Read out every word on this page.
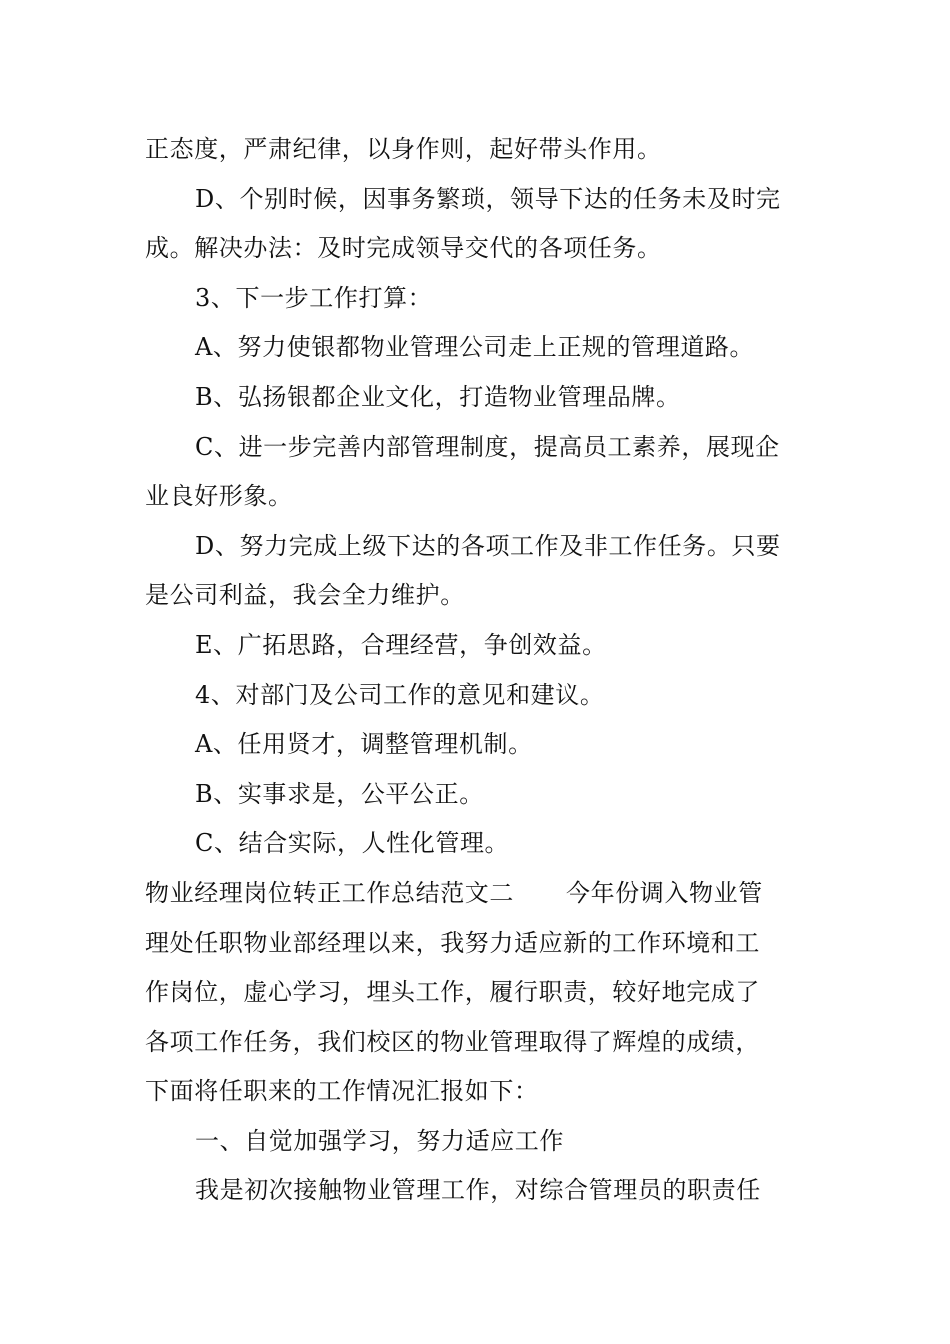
正态度，严肃纪律，以身作则，起好带头作用。
D、个别时候，因事务繁琐，领导下达的任务未及时完
成。解决办法：及时完成领导交代的各项任务。
3、下一步工作打算：
A、努力使银都物业管理公司走上正规的管理道路。
B、弘扬银都企业文化，打造物业管理品牌。
C、进一步完善内部管理制度，提高员工素养，展现企
业良好形象。
D、努力完成上级下达的各项工作及非工作任务。只要
是公司利益，我会全力维护。
E、广拓思路，合理经营，争创效益。
4、对部门及公司工作的意见和建议。
A、任用贤才，调整管理机制。
B、实事求是，公平公正。
C、结合实际，人性化管理。
物业经理岗位转正工作总结范文二 今年份调入物业管
理处任职物业部经理以来，我努力适应新的工作环境和工
作岗位，虚心学习，埋头工作，履行职责，较好地完成了
各项工作任务，我们校区的物业管理取得了辉煌的成绩，
下面将任职来的工作情况汇报如下：
一、自觉加强学习，努力适应工作
我是初次接触物业管理工作，对综合管理员的职责任
